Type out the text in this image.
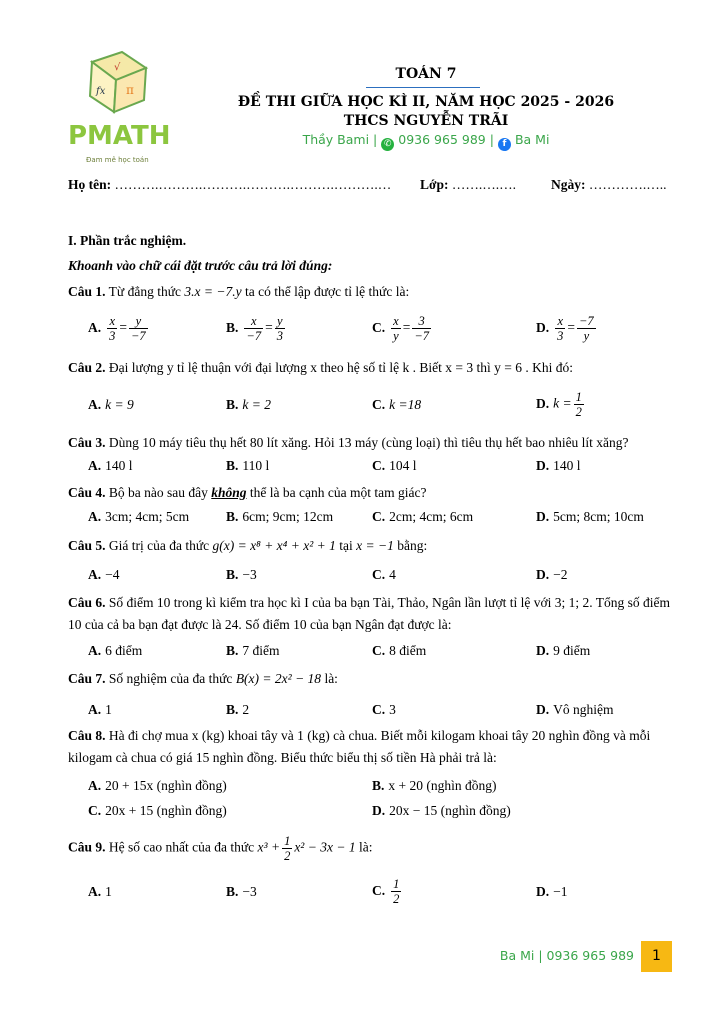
√
fx π
PMATH
Đam mê học toán
TOÁN 7
ĐỀ THI GIỮA HỌC KÌ II, NĂM HỌC 2025 - 2026
THCS NGUYỄN TRÃI
Thầy Bami | ✆ 0936 965 989 | f Ba Mi
Họ tên: ……….……….……….……….……….……….… Lớp: …….….….	Ngày: ………….…..
I. Phần trắc nghiệm.
Khoanh vào chữ cái đặt trước câu trả lời đúng:
Câu 1. Từ đẳng thức 3.x = −7.y ta có thể lập được tỉ lệ thức là:
A. $\frac{x}{3} = \frac{y}{-7}$	B. $\frac{x}{-7} = \frac{y}{3}$	C. $\frac{x}{y} = \frac{3}{-7}$	D. $\frac{x}{3} = \frac{-7}{y}$
Câu 2. Đại lượng y tỉ lệ thuận với đại lượng x theo hệ số tỉ lệ k . Biết x = 3 thì y = 6 . Khi đó:
A. k = 9	B. k = 2	C. k =18	D. $k = \frac{1}{2}$
Câu 3. Dùng 10 máy tiêu thụ hết 80 lít xăng. Hỏi 13 máy (cùng loại) thì tiêu thụ hết bao nhiêu lít xăng?
A. 140 l	B. 110 l	C. 104 l	D. 140 l
Câu 4. Bộ ba nào sau đây không thể là ba cạnh của một tam giác?
A. 3cm; 4cm; 5cm	B. 6cm; 9cm; 12cm	C. 2cm; 4cm; 6cm	D. 5cm; 8cm; 10cm
Câu 5. Giá trị của đa thức g(x) = x⁸ + x⁴ + x² + 1 tại x = −1 bằng:
A. −4	B. −3	C. 4	D. −2
Câu 6. Số điểm 10 trong kì kiểm tra học kì I của ba bạn Tài, Thảo, Ngân lần lượt tỉ lệ với 3; 1; 2. Tổng số điểm 10 của cả ba bạn đạt được là 24. Số điểm 10 của bạn Ngân đạt được là:
A. 6 điểm	B. 7 điểm	C. 8 điểm	D. 9 điểm
Câu 7. Số nghiệm của đa thức B(x) = 2x² − 18 là:
A. 1	B. 2	C. 3	D. Vô nghiệm
Câu 8. Hà đi chợ mua x (kg) khoai tây và 1 (kg) cà chua. Biết mỗi kilogam khoai tây 20 nghìn đồng và mỗi kilogam cà chua có giá 15 nghìn đồng. Biểu thức biểu thị số tiền Hà phải trả là:
A. 20 + 15x (nghìn đồng)	B. x + 20 (nghìn đồng)
C. 20x + 15 (nghìn đồng)	D. 20x − 15 (nghìn đồng)
Câu 9. Hệ số cao nhất của đa thức $x^3 + \frac{1}{2} x^2 - 3x - 1$ là:
A. 1	B. −3	C. $\frac{1}{2}$	D. −1
Ba Mi | 0936 965 989	1
